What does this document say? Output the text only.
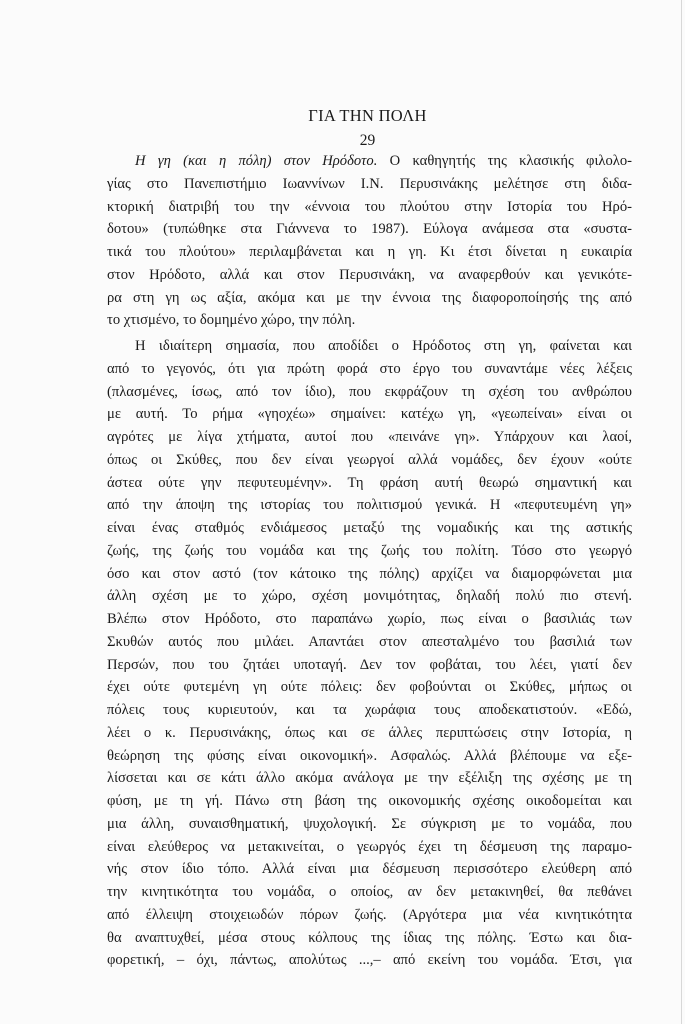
ΓΙΑ ΤΗΝ ΠΟΛΗ
29
Η γη (και η πόλη) στον Ηρόδοτο. Ο καθηγητής της κλασικής φιλολο-
γίας στο Πανεπιστήμιο Ιωαννίνων Ι.Ν. Περυσινάκης μελέτησε στη διδα-
κτορική διατριβή του την «έννοια του πλούτου στην Ιστορία του Ηρό-
δοτου» (τυπώθηκε στα Γιάννενα το 1987). Εύλογα ανάμεσα στα «συστα-
τικά του πλούτου» περιλαμβάνεται και η γη. Κι έτσι δίνεται η ευκαιρία
στον Ηρόδοτο, αλλά και στον Περυσινάκη, να αναφερθούν και γενικότε-
ρα στη γη ως αξία, ακόμα και με την έννοια της διαφοροποίησής της από
το χτισμένο, το δομημένο χώρο, την πόλη.
Η ιδιαίτερη σημασία, που αποδίδει ο Ηρόδοτος στη γη, φαίνεται και
από το γεγονός, ότι για πρώτη φορά στο έργο του συναντάμε νέες λέξεις
(πλασμένες, ίσως, από τον ίδιο), που εκφράζουν τη σχέση του ανθρώπου
με αυτή. Το ρήμα «γηοχέω» σημαίνει: κατέχω γη, «γεωπείναι» είναι οι
αγρότες με λίγα χτήματα, αυτοί που «πεινάνε γη». Υπάρχουν και λαοί,
όπως οι Σκύθες, που δεν είναι γεωργοί αλλά νομάδες, δεν έχουν «ούτε
άστεα ούτε γην πεφυτευμένην». Τη φράση αυτή θεωρώ σημαντική και
από την άποψη της ιστορίας του πολιτισμού γενικά. Η «πεφυτευμένη γη»
είναι ένας σταθμός ενδιάμεσος μεταξύ της νομαδικής και της αστικής
ζωής, της ζωής του νομάδα και της ζωής του πολίτη. Τόσο στο γεωργό
όσο και στον αστό (τον κάτοικο της πόλης) αρχίζει να διαμορφώνεται μια
άλλη σχέση με το χώρο, σχέση μονιμότητας, δηλαδή πολύ πιο στενή.
Βλέπω στον Ηρόδοτο, στο παραπάνω χωρίο, πως είναι ο βασιλιάς των
Σκυθών αυτός που μιλάει. Απαντάει στον απεσταλμένο του βασιλιά των
Περσών, που του ζητάει υποταγή. Δεν τον φοβάται, του λέει, γιατί δεν
έχει ούτε φυτεμένη γη ούτε πόλεις: δεν φοβούνται οι Σκύθες, μήπως οι
πόλεις τους κυριευτούν, και τα χωράφια τους αποδεκατιστούν. «Εδώ,
λέει ο κ. Περυσινάκης, όπως και σε άλλες περιπτώσεις στην Ιστορία, η
θεώρηση της φύσης είναι οικονομική». Ασφαλώς. Αλλά βλέπουμε να εξε-
λίσσεται και σε κάτι άλλο ακόμα ανάλογα με την εξέλιξη της σχέσης με τη
φύση, με τη γή. Πάνω στη βάση της οικονομικής σχέσης οικοδομείται και
μια άλλη, συναισθηματική, ψυχολογική. Σε σύγκριση με το νομάδα, που
είναι ελεύθερος να μετακινείται, ο γεωργός έχει τη δέσμευση της παραμο-
νής στον ίδιο τόπο. Αλλά είναι μια δέσμευση περισσότερο ελεύθερη από
την κινητικότητα του νομάδα, ο οποίος, αν δεν μετακινηθεί, θα πεθάνει
από έλλειψη στοιχειωδών πόρων ζωής. (Αργότερα μια νέα κινητικότητα
θα αναπτυχθεί, μέσα στους κόλπους της ίδιας της πόλης. Έστω και δια-
φορετική, – όχι, πάντως, απολύτως ...,– από εκείνη του νομάδα. Έτσι, για
